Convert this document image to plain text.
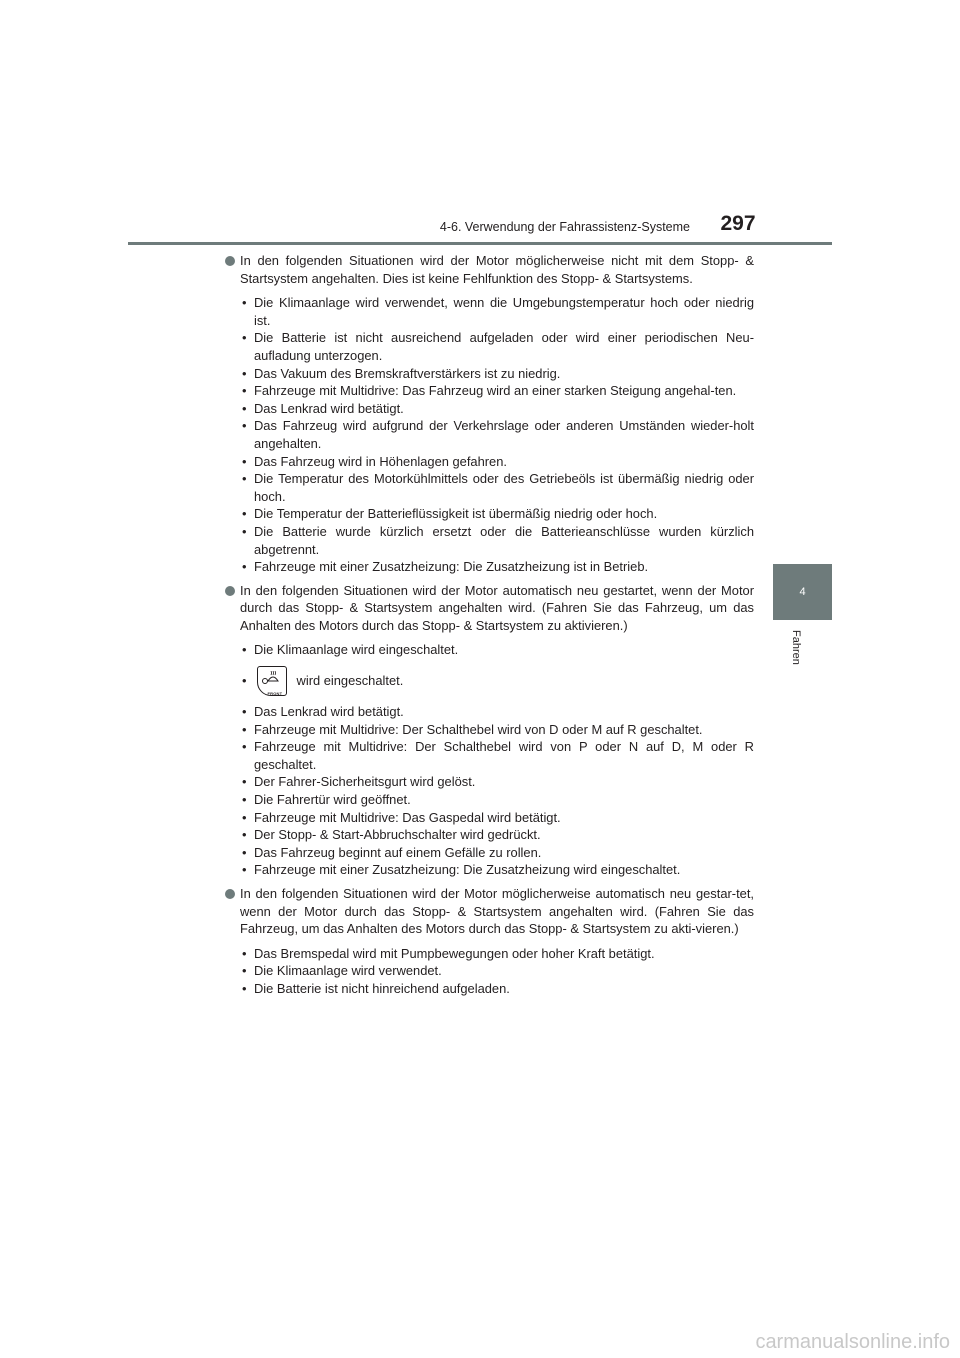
4-6. Verwendung der Fahrassistenz-Systeme	297
4
Fahren
In den folgenden Situationen wird der Motor möglicherweise nicht mit dem Stopp- & Startsystem angehalten. Dies ist keine Fehlfunktion des Stopp- & Startsystems.
• Die Klimaanlage wird verwendet, wenn die Umgebungstemperatur hoch oder niedrig ist.
• Die Batterie ist nicht ausreichend aufgeladen oder wird einer periodischen Neu-aufladung unterzogen.
• Das Vakuum des Bremskraftverstärkers ist zu niedrig.
• Fahrzeuge mit Multidrive: Das Fahrzeug wird an einer starken Steigung angehal-ten.
• Das Lenkrad wird betätigt.
• Das Fahrzeug wird aufgrund der Verkehrslage oder anderen Umständen wieder-holt angehalten.
• Das Fahrzeug wird in Höhenlagen gefahren.
• Die Temperatur des Motorkühlmittels oder des Getriebeöls ist übermäßig niedrig oder hoch.
• Die Temperatur der Batterieflüssigkeit ist übermäßig niedrig oder hoch.
• Die Batterie wurde kürzlich ersetzt oder die Batterieanschlüsse wurden kürzlich abgetrennt.
• Fahrzeuge mit einer Zusatzheizung: Die Zusatzheizung ist in Betrieb.
In den folgenden Situationen wird der Motor automatisch neu gestartet, wenn der Motor durch das Stopp- & Startsystem angehalten wird. (Fahren Sie das Fahrzeug, um das Anhalten des Motors durch das Stopp- & Startsystem zu aktivieren.)
• Die Klimaanlage wird eingeschaltet.
•
FRONT
wird eingeschaltet.
• Das Lenkrad wird betätigt.
• Fahrzeuge mit Multidrive: Der Schalthebel wird von D oder M auf R geschaltet.
• Fahrzeuge mit Multidrive: Der Schalthebel wird von P oder N auf D, M oder R geschaltet.
• Der Fahrer-Sicherheitsgurt wird gelöst.
• Die Fahrertür wird geöffnet.
• Fahrzeuge mit Multidrive: Das Gaspedal wird betätigt.
• Der Stopp- & Start-Abbruchschalter wird gedrückt.
• Das Fahrzeug beginnt auf einem Gefälle zu rollen.
• Fahrzeuge mit einer Zusatzheizung: Die Zusatzheizung wird eingeschaltet.
In den folgenden Situationen wird der Motor möglicherweise automatisch neu gestar-tet, wenn der Motor durch das Stopp- & Startsystem angehalten wird. (Fahren Sie das Fahrzeug, um das Anhalten des Motors durch das Stopp- & Startsystem zu akti-vieren.)
• Das Bremspedal wird mit Pumpbewegungen oder hoher Kraft betätigt.
• Die Klimaanlage wird verwendet.
• Die Batterie ist nicht hinreichend aufgeladen.
carmanualsonline.info
